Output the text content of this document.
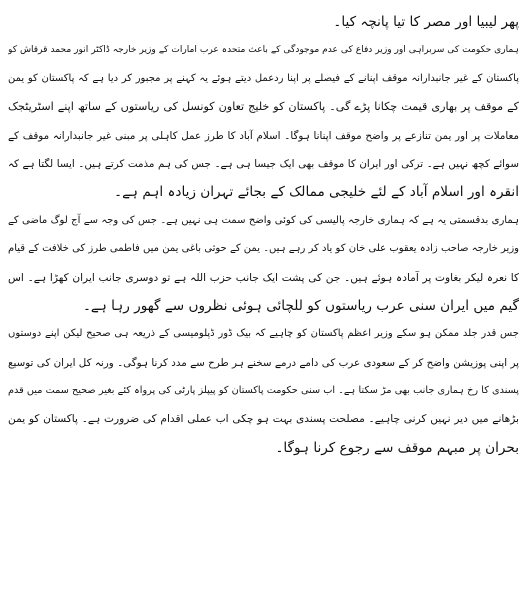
پھر لیبیا اور مصر کا تیا پانچہ کیا۔
ہماری حکومت کی سربراہی اور وزیر دفاع کی عدم موجودگی کے باعث متحدہ عرب امارات کے وزیر خارجہ ڈاکٹر انور محمد قرقاش کو
پاکستان کے غیر جانبدارانہ موقف اپنانے کے فیصلے پر اپنا ردعمل دیتے ہوئے یہ کہنے پر مجبور کر دیا ہے کہ پاکستان کو یمن
کے موقف پر بھاری قیمت چکانا پڑے گی۔ پاکستان کو خلیج تعاون کونسل کی ریاستوں کے ساتھ اپنے اسٹریٹجک
معاملات پر اور یمن تنازعے پر واضح موقف اپنانا ہوگا۔ اسلام آباد کا طرز عمل کاہلی پر مبنی غیر جانبدارانہ موقف کے
سوائے کچھ نہیں ہے۔ ترکی اور ایران کا موقف بھی ایک جیسا ہی ہے۔ جس کی ہم مذمت کرتے ہیں۔ ایسا لگتا ہے کہ
انقرہ اور اسلام آباد کے لئے خلیجی ممالک کے بجائے تہران زیادہ اہم ہے۔
ہماری بدقسمتی یہ ہے کہ ہماری خارجہ پالیسی کی کوئی واضح سمت ہی نہیں ہے۔ جس کی وجہ سے آج لوگ ماضی کے
وزیر خارجہ صاحب زادہ یعقوب علی خان کو یاد کر رہے ہیں۔ یمن کے حوثی باغی یمن میں فاطمی طرز کی خلافت کے قیام
کا نعرہ لیکر بغاوت پر آمادہ ہوئے ہیں۔ جن کی پشت ایک جانب حزب اللہ ہے تو دوسری جانب ایران کھڑا ہے۔ اس
گیم میں ایران سنی عرب ریاستوں کو للچائی ہوئی نظروں سے گھور رہا ہے۔
جس قدر جلد ممکن ہو سکے وزیر اعظم پاکستان کو چاہیے کہ بیک ڈور ڈپلومیسی کے ذریعہ ہی صحیح لیکن اپنے دوستوں
پر اپنی پوزیشن واضح کر کے سعودی عرب کی دامے درمے سخنے ہر طرح سے مدد کرنا ہوگی۔ ورنہ کل ایران کی توسیع
پسندی کا رخ ہماری جانب بھی مڑ سکتا ہے۔ اب سنی حکومت پاکستان کو پیپلز پارٹی کی پرواہ کئے بغیر صحیح سمت میں قدم
بڑھانے میں دیر نہیں کرنی چاہیے۔ مصلحت پسندی بہت ہو چکی اب عملی اقدام کی ضرورت ہے۔ پاکستان کو یمن
بحران پر مبہم موقف سے رجوع کرنا ہوگا۔
